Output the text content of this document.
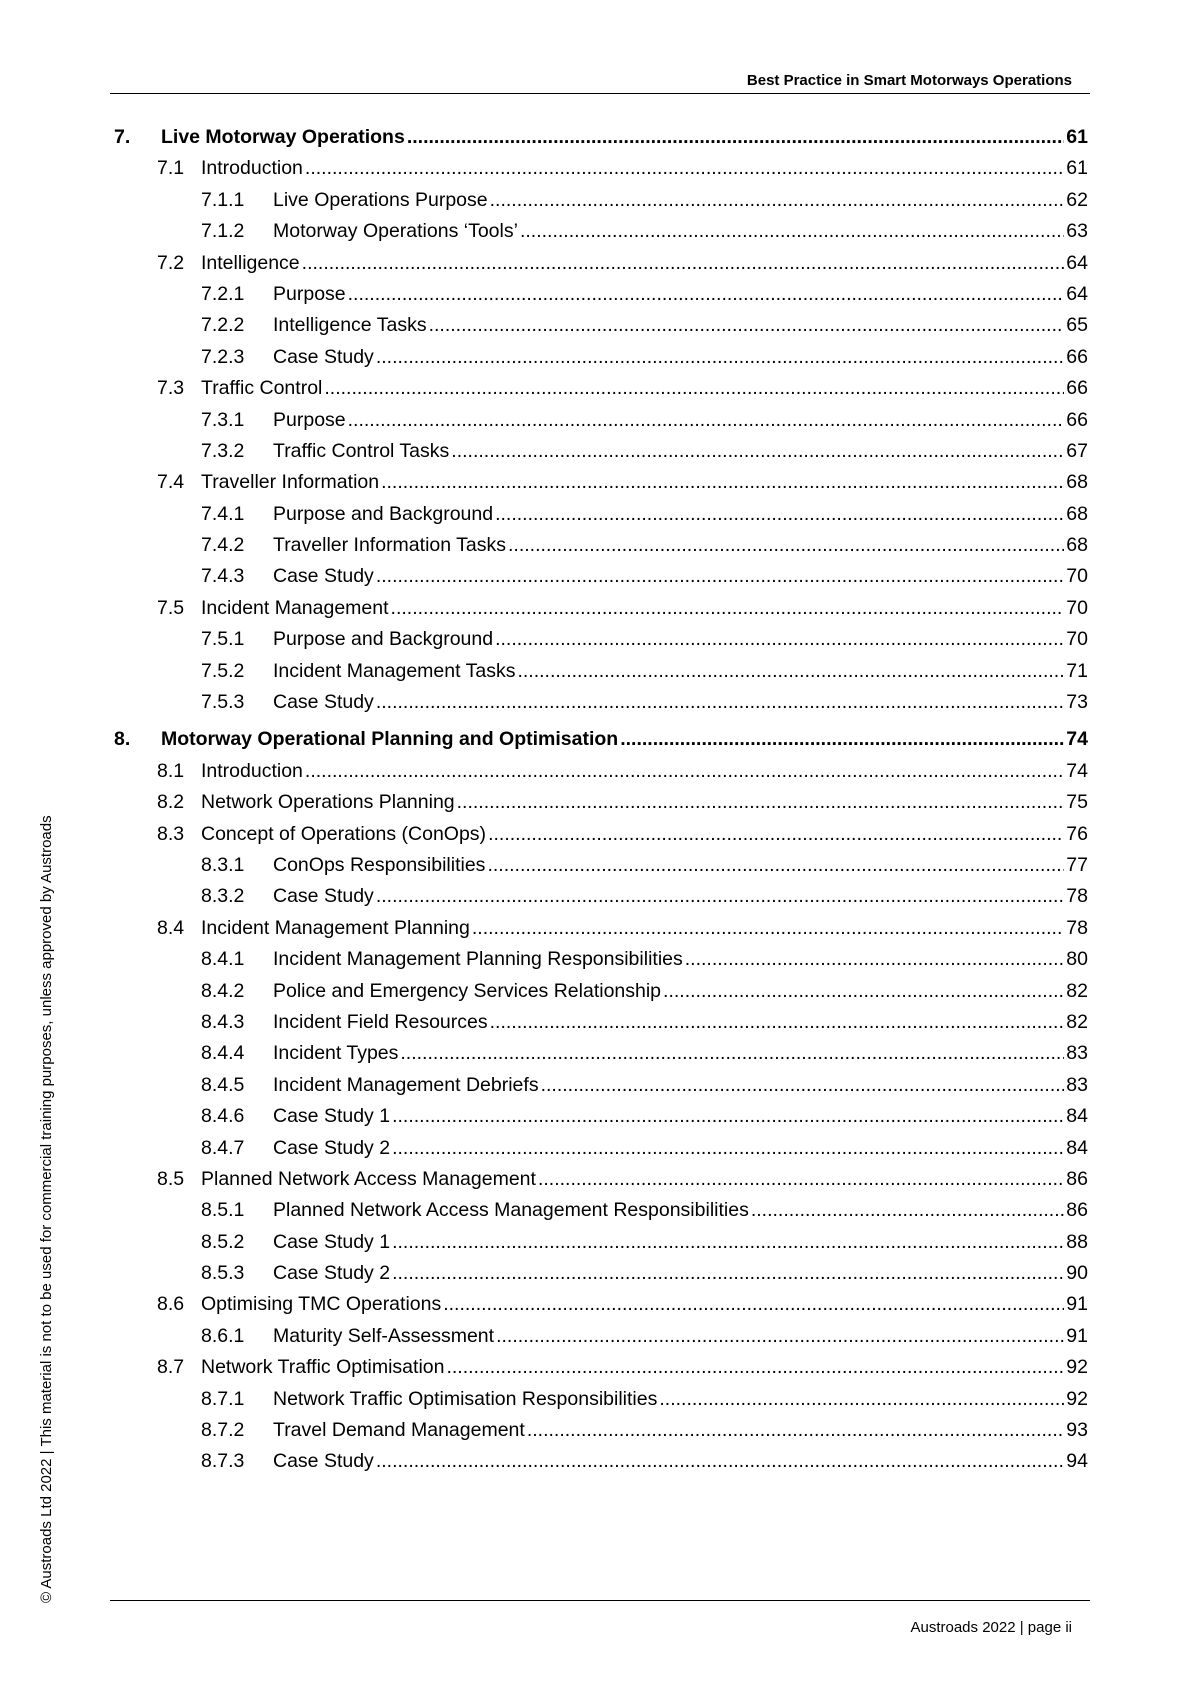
Best Practice in Smart Motorways Operations
7.	Live Motorway Operations .....	61
7.1 Introduction .....	61
7.1.1	Live Operations Purpose .....	62
7.1.2	Motorway Operations ‘Tools’ .....	63
7.2 Intelligence .....	64
7.2.1	Purpose .....	64
7.2.2	Intelligence Tasks .....	65
7.2.3	Case Study .....	66
7.3 Traffic Control .....	66
7.3.1	Purpose .....	66
7.3.2	Traffic Control Tasks .....	67
7.4 Traveller Information .....	68
7.4.1	Purpose and Background .....	68
7.4.2	Traveller Information Tasks .....	68
7.4.3	Case Study .....	70
7.5 Incident Management .....	70
7.5.1	Purpose and Background .....	70
7.5.2	Incident Management Tasks .....	71
7.5.3	Case Study .....	73
8.	Motorway Operational Planning and Optimisation .....	74
8.1 Introduction .....	74
8.2 Network Operations Planning .....	75
8.3 Concept of Operations (ConOps) .....	76
8.3.1	ConOps Responsibilities .....	77
8.3.2	Case Study .....	78
8.4 Incident Management Planning .....	78
8.4.1	Incident Management Planning Responsibilities .....	80
8.4.2	Police and Emergency Services Relationship .....	82
8.4.3	Incident Field Resources .....	82
8.4.4	Incident Types .....	83
8.4.5	Incident Management Debriefs .....	83
8.4.6	Case Study 1 .....	84
8.4.7	Case Study 2 .....	84
8.5 Planned Network Access Management .....	86
8.5.1	Planned Network Access Management Responsibilities .....	86
8.5.2	Case Study 1 .....	88
8.5.3	Case Study 2 .....	90
8.6 Optimising TMC Operations .....	91
8.6.1	Maturity Self-Assessment .....	91
8.7 Network Traffic Optimisation .....	92
8.7.1	Network Traffic Optimisation Responsibilities .....	92
8.7.2	Travel Demand Management .....	93
8.7.3	Case Study .....	94
Austroads 2022 | page ii
© Austroads Ltd 2022 | This material is not to be used for commercial training purposes, unless approved by Austroads
